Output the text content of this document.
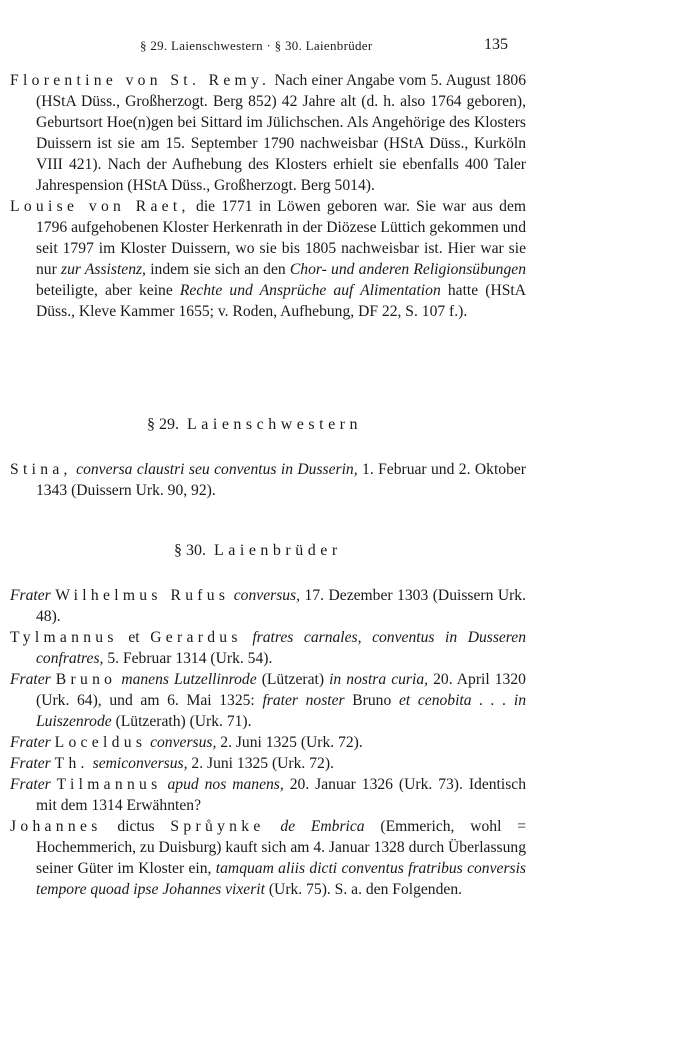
§ 29. Laienschwestern · § 30. Laienbrüder	135

Florentine von St. Remy. Nach einer Angabe vom 5. August 1806 (HStA Düss., Großherzogt. Berg 852) 42 Jahre alt (d. h. also 1764 geboren), Geburtsort Hoe(n)gen bei Sittard im Jülichschen. Als Angehörige des Klosters Duissern ist sie am 15. September 1790 nachweisbar (HStA Düss., Kurköln VIII 421). Nach der Aufhebung des Klosters erhielt sie ebenfalls 400 Taler Jahrespension (HStA Düss., Großherzogt. Berg 5014).

Louise von Raet, die 1771 in Löwen geboren war. Sie war aus dem 1796 aufgehobenen Kloster Herkenrath in der Diözese Lüttich gekommen und seit 1797 im Kloster Duissern, wo sie bis 1805 nachweisbar ist. Hier war sie nur zur Assistenz, indem sie sich an den Chor- und anderen Religionsübungen beteiligte, aber keine Rechte und Ansprüche auf Alimentation hatte (HStA Düss., Kleve Kammer 1655; v. Roden, Aufhebung, DF 22, S. 107 f.).

§ 29. Laienschwestern

Stina, conversa claustri seu conventus in Dusserin, 1. Februar und 2. Oktober 1343 (Duissern Urk. 90, 92).

§ 30. Laienbrüder

Frater Wilhelmus Rufus conversus, 17. Dezember 1303 (Duissern Urk. 48).

Tylmannus et Gerardus fratres carnales, conventus in Dusseren confratres, 5. Februar 1314 (Urk. 54).

Frater Bruno manens Lutzellinrode (Lützerat) in nostra curia, 20. April 1320 (Urk. 64), und am 6. Mai 1325: frater noster Bruno et cenobita . . . in Luiszenrode (Lützerath) (Urk. 71).

Frater Loceldus conversus, 2. Juni 1325 (Urk. 72).

Frater Th. semiconversus, 2. Juni 1325 (Urk. 72).

Frater Tilmannus apud nos manens, 20. Januar 1326 (Urk. 73). Identisch mit dem 1314 Erwähnten?

Johannes dictus Sprůynke de Embrica (Emmerich, wohl = Hochemmerich, zu Duisburg) kauft sich am 4. Januar 1328 durch Überlassung seiner Güter im Kloster ein, tamquam aliis dicti conventus fratribus conversis tempore quoad ipse Johannes vixerit (Urk. 75). S. a. den Folgenden.
